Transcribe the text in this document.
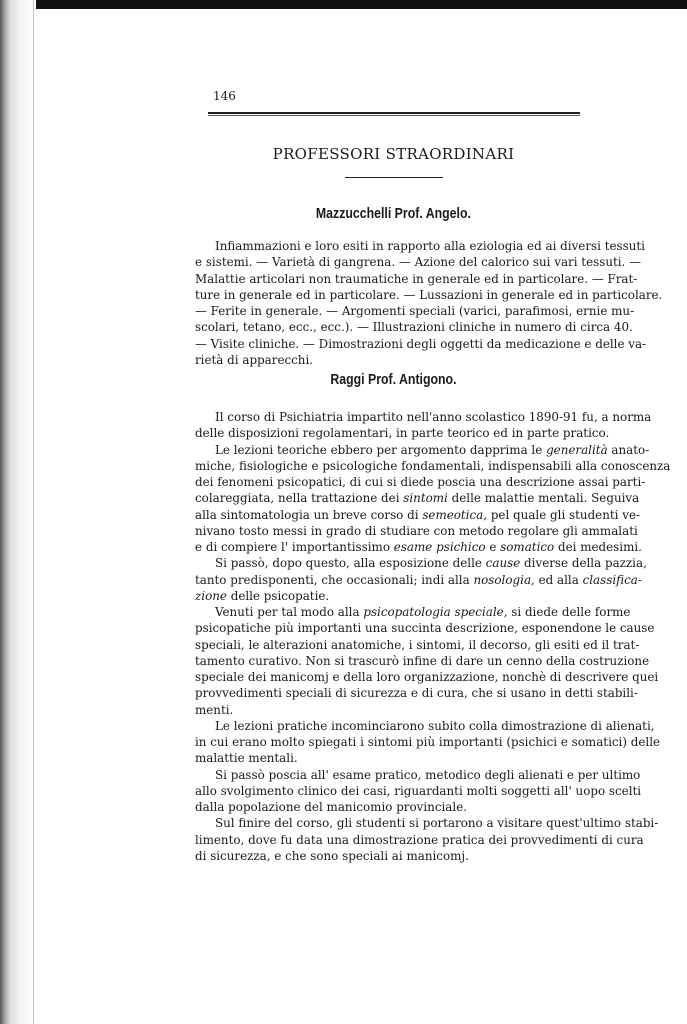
146
PROFESSORI STRAORDINARI
Mazzucchelli Prof. Angelo.
Infiammazioni e loro esiti in rapporto alla eziologia ed ai diversi tessuti
e sistemi. — Varietà di gangrena. — Azione del calorico sui vari tessuti. —
Malattie articolari non traumatiche in generale ed in particolare. — Frat-
ture in generale ed in particolare. — Lussazioni in generale ed in particolare.
— Ferite in generale. — Argomenti speciali (varici, parafimosi, ernie mu-
scolari, tetano, ecc., ecc.). — Illustrazioni cliniche in numero di circa 40.
— Visite cliniche. — Dimostrazioni degli oggetti da medicazione e delle va-
rietà di apparecchi.
Raggi Prof. Antigono.
Il corso di Psichiatria impartito nell'anno scolastico 1890-91 fu, a norma
delle disposizioni regolamentari, in parte teorico ed in parte pratico.
Le lezioni teoriche ebbero per argomento dapprima le generalità anato-
miche, fisiologiche e psicologiche fondamentali, indispensabili alla conoscenza
dei fenomeni psicopatici, di cui si diede poscia una descrizione assai parti-
colareggiata, nella trattazione dei sintomi delle malattie mentali. Seguiva
alla sintomatologia un breve corso di semeotica, pel quale gli studenti ve-
nivano tosto messi in grado di studiare con metodo regolare gli ammalati
e di compiere l' importantissimo esame psichico e somatico dei medesimi.
Si passò, dopo questo, alla esposizione delle cause diverse della pazzia,
tanto predisponenti, che occasionali; indi alla nosologia, ed alla classifica-
zione delle psicopatie.
Venuti per tal modo alla psicopatologia speciale, si diede delle forme
psicopatiche più importanti una succinta descrizione, esponendone le cause
speciali, le alterazioni anatomiche, i sintomi, il decorso, gli esiti ed il trat-
tamento curativo. Non si trascurò infine di dare un cenno della costruzione
speciale dei manicomj e della loro organizzazione, nonchè di descrivere quei
provvedimenti speciali di sicurezza e di cura, che si usano in detti stabili-
menti.
Le lezioni pratiche incominciarono subito colla dimostrazione di alienati,
in cui erano molto spiegati i sintomi più importanti (psichici e somatici) delle
malattie mentali.
Si passò poscia all' esame pratico, metodico degli alienati e per ultimo
allo svolgimento clinico dei casi, riguardanti molti soggetti all' uopo scelti
dalla popolazione del manicomio provinciale.
Sul finire del corso, gli studenti si portarono a visitare quest'ultimo stabi-
limento, dove fu data una dimostrazione pratica dei provvedimenti di cura
di sicurezza, e che sono speciali ai manicomj.
